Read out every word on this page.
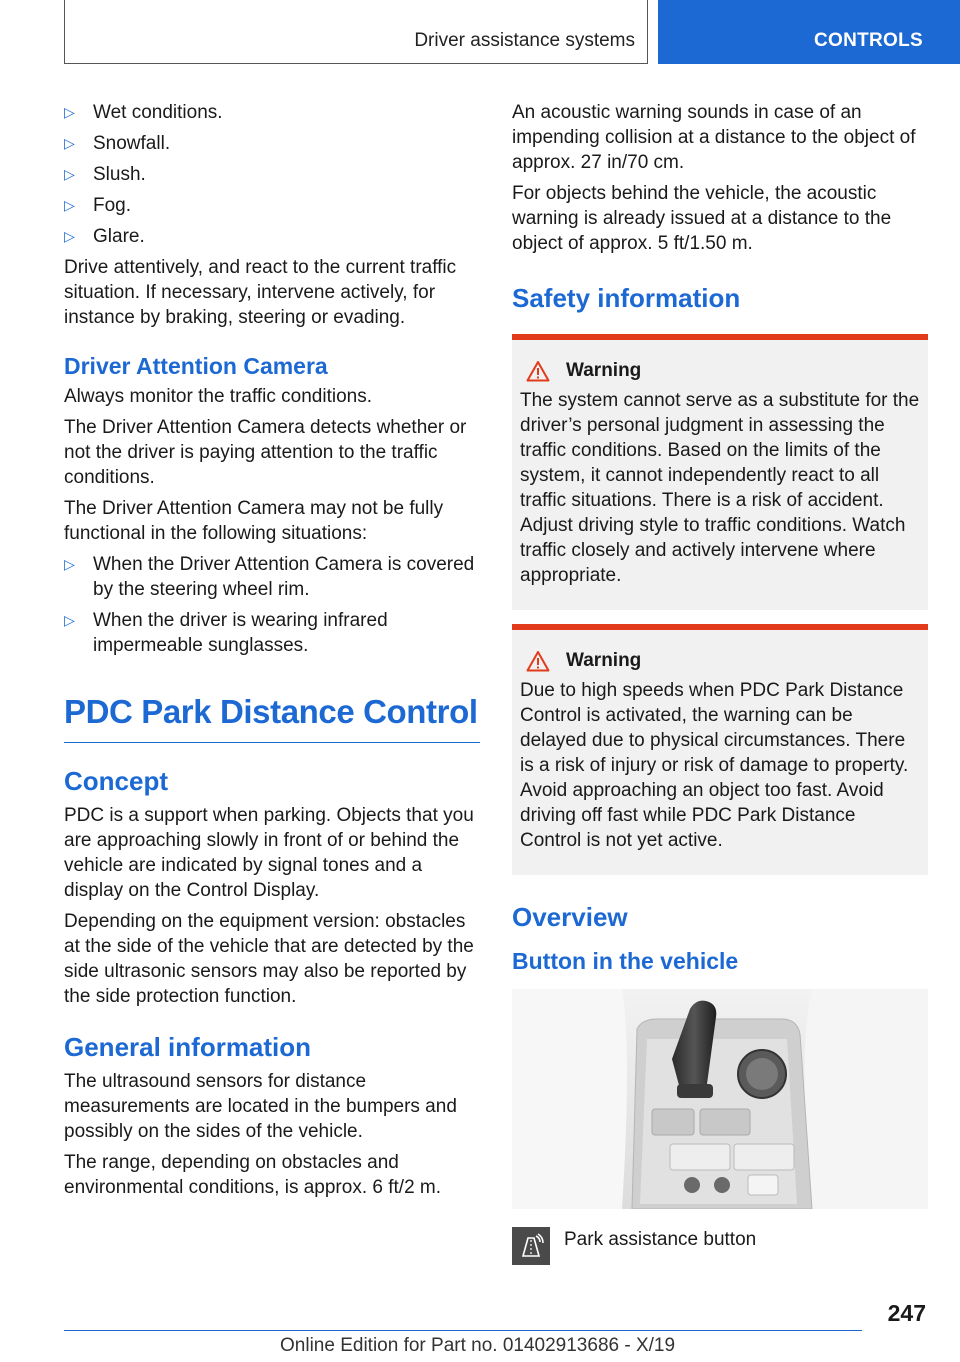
Driver assistance systems	CONTROLS
▷ Wet conditions.
▷ Snowfall.
▷ Slush.
▷ Fog.
▷ Glare.

Drive attentively, and react to the current traffic situation. If necessary, intervene actively, for instance by braking, steering or evading.

Driver Attention Camera

Always monitor the traffic conditions.

The Driver Attention Camera detects whether or not the driver is paying attention to the traffic conditions.

The Driver Attention Camera may not be fully functional in the following situations:

▷ When the Driver Attention Camera is covered by the steering wheel rim.
▷ When the driver is wearing infrared impermeable sunglasses.
PDC Park Distance Control
Concept

PDC is a support when parking. Objects that you are approaching slowly in front of or behind the vehicle are indicated by signal tones and a display on the Control Display.

Depending on the equipment version: obstacles at the side of the vehicle that are detected by the side ultrasonic sensors may also be reported by the side protection function.

General information

The ultrasound sensors for distance measurements are located in the bumpers and possibly on the sides of the vehicle.

The range, depending on obstacles and environmental conditions, is approx. 6 ft/2 m.

An acoustic warning sounds in case of an impending collision at a distance to the object of approx. 27 in/70 cm.

For objects behind the vehicle, the acoustic warning is already issued at a distance to the object of approx. 5 ft/1.50 m.

Safety information
Warning

The system cannot serve as a substitute for the driver’s personal judgment in assessing the traffic conditions. Based on the limits of the system, it cannot independently react to all traffic situations. There is a risk of accident. Adjust driving style to traffic conditions. Watch traffic closely and actively intervene where appropriate.

Warning

Due to high speeds when PDC Park Distance Control is activated, the warning can be delayed due to physical circumstances. There is a risk of injury or risk of damage to property. Avoid approaching an object too fast. Avoid driving off fast while PDC Park Distance Control is not yet active.

Overview
Button in the vehicle
Park assistance button
247
Online Edition for Part no. 01402913686 - X/19
